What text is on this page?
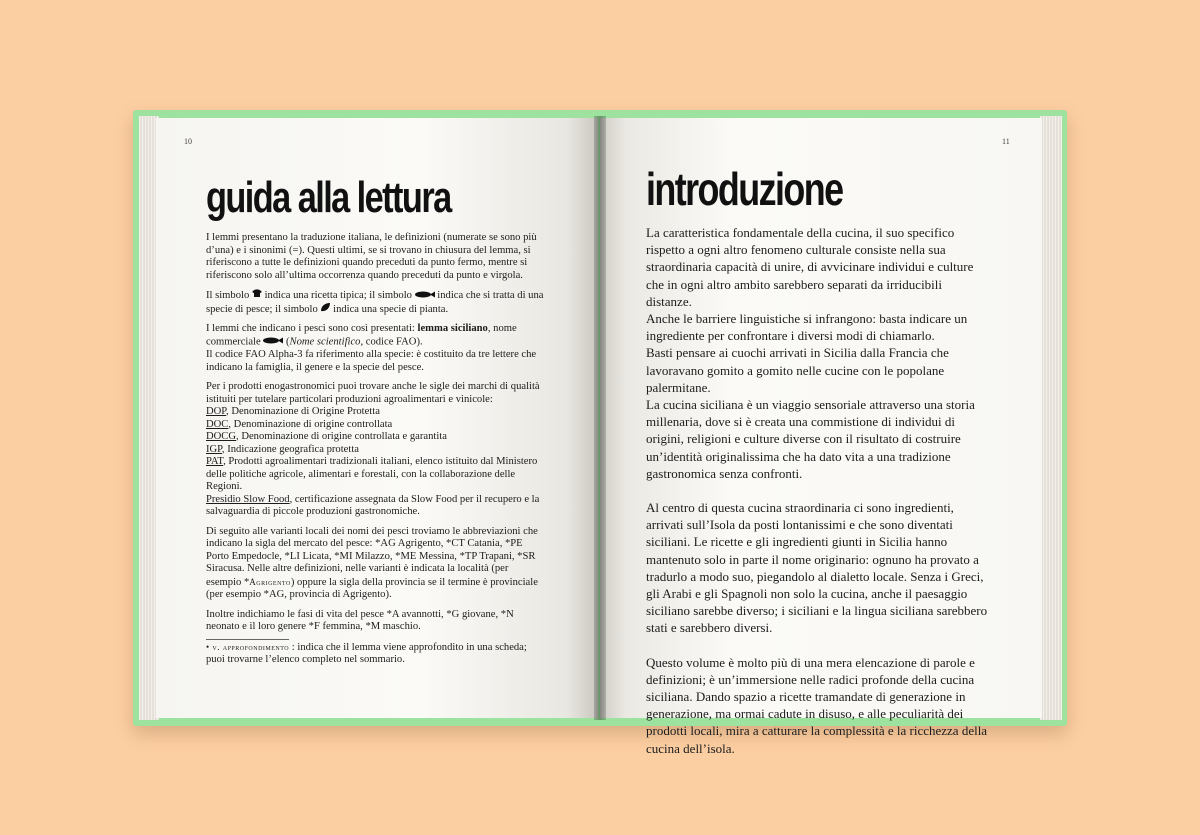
10
guida alla lettura

I lemmi presentano la traduzione italiana, le definizioni (numerate se sono più d’una) e i sinonimi (=). Questi ultimi, se si trovano in chiusura del lemma, si riferiscono a tutte le definizioni quando preceduti da punto fermo, mentre si riferiscono solo all’ultima occorrenza quando preceduti da punto e virgola.

Il simbolo indica una ricetta tipica; il simbolo indica che si tratta di una specie di pesce; il simbolo indica una specie di pianta.

I lemmi che indicano i pesci sono così presentati: lemma siciliano, nome commerciale  (Nome scientifico, codice FAO).
Il codice FAO Alpha-3 fa riferimento alla specie: è costituito da tre lettere che indicano la famiglia, il genere e la specie del pesce.

Per i prodotti enogastronomici puoi trovare anche le sigle dei marchi di qualità istituiti per tutelare particolari produzioni agroalimentari e vinicole:
DOP, Denominazione di Origine Protetta
DOC, Denominazione di origine controllata
DOCG, Denominazione di origine controllata e garantita
IGP, Indicazione geografica protetta
PAT, Prodotti agroalimentari tradizionali italiani, elenco istituito dal Ministero delle politiche agricole, alimentari e forestali, con la collaborazione delle Regioni.
Presidio Slow Food, certificazione assegnata da Slow Food per il recupero e la salvaguardia di piccole produzioni gastronomiche.

Di seguito alle varianti locali dei nomi dei pesci troviamo le abbreviazioni che indicano la sigla del mercato del pesce: *AG Agrigento, *CT Catania, *PE Porto Empedocle, *LI Licata, *MI Milazzo, *ME Messina, *TP Trapani, *SR Siracusa. Nelle altre definizioni, nelle varianti è indicata la località (per esempio *Agrigento) oppure la sigla della provincia se il termine è provinciale (per esempio *AG, provincia di Agrigento).

Inoltre indichiamo le fasi di vita del pesce *A avannotti, *G giovane, *N neonato e il loro genere *F femmina, *M maschio.

• v. approfondimento : indica che il lemma viene approfondito in una scheda; puoi trovarne l’elenco completo nel sommario.

11
introduzione

La caratteristica fondamentale della cucina, il suo specifico rispetto a ogni altro fenomeno culturale consiste nella sua straordinaria capacità di unire, di avvicinare individui e culture che in ogni altro ambito sarebbero separati da irriducibili distanze.
Anche le barriere linguistiche si infrangono: basta indicare un ingrediente per confrontare i diversi modi di chiamarlo.
Basti pensare ai cuochi arrivati in Sicilia dalla Francia che lavoravano gomito a gomito nelle cucine con le popolane palermitane.
La cucina siciliana è un viaggio sensoriale attraverso una storia millenaria, dove si è creata una commistione di individui di origini, religioni e culture diverse con il risultato di costruire un’identità originalissima che ha dato vita a una tradizione gastronomica senza confronti.

Al centro di questa cucina straordinaria ci sono ingredienti, arrivati sull’Isola da posti lontanissimi e che sono diventati siciliani. Le ricette e gli ingredienti giunti in Sicilia hanno mantenuto solo in parte il nome originario: ognuno ha provato a tradurlo a modo suo, piegandolo al dialetto locale. Senza i Greci, gli Arabi e gli Spagnoli non solo la cucina, anche il paesaggio siciliano sarebbe diverso; i siciliani e la lingua siciliana sarebbero stati e sarebbero diversi.

Questo volume è molto più di una mera elencazione di parole e definizioni; è un’immersione nelle radici profonde della cucina siciliana. Dando spazio a ricette tramandate di generazione in generazione, ma ormai cadute in disuso, e alle peculiarità dei prodotti locali, mira a catturare la complessità e la ricchezza della cucina dell’isola.
